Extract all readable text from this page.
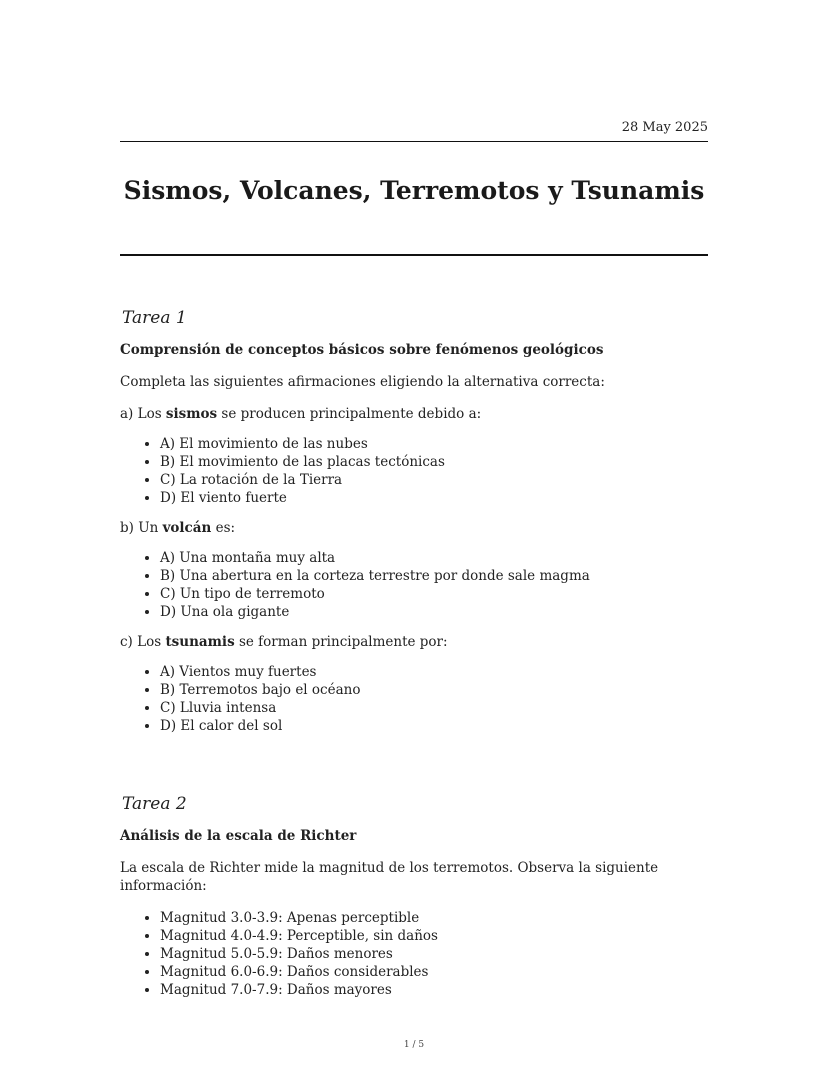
28 May 2025
Sismos, Volcanes, Terremotos y Tsunamis
Tarea 1
Comprensión de conceptos básicos sobre fenómenos geológicos
Completa las siguientes afirmaciones eligiendo la alternativa correcta:
a) Los sismos se producen principalmente debido a:
• A) El movimiento de las nubes
• B) El movimiento de las placas tectónicas
• C) La rotación de la Tierra
• D) El viento fuerte
b) Un volcán es:
• A) Una montaña muy alta
• B) Una abertura en la corteza terrestre por donde sale magma
• C) Un tipo de terremoto
• D) Una ola gigante
c) Los tsunamis se forman principalmente por:
• A) Vientos muy fuertes
• B) Terremotos bajo el océano
• C) Lluvia intensa
• D) El calor del sol
Tarea 2
Análisis de la escala de Richter
La escala de Richter mide la magnitud de los terremotos. Observa la siguiente información:
• Magnitud 3.0-3.9: Apenas perceptible
• Magnitud 4.0-4.9: Perceptible, sin daños
• Magnitud 5.0-5.9: Daños menores
• Magnitud 6.0-6.9: Daños considerables
• Magnitud 7.0-7.9: Daños mayores
1 / 5
